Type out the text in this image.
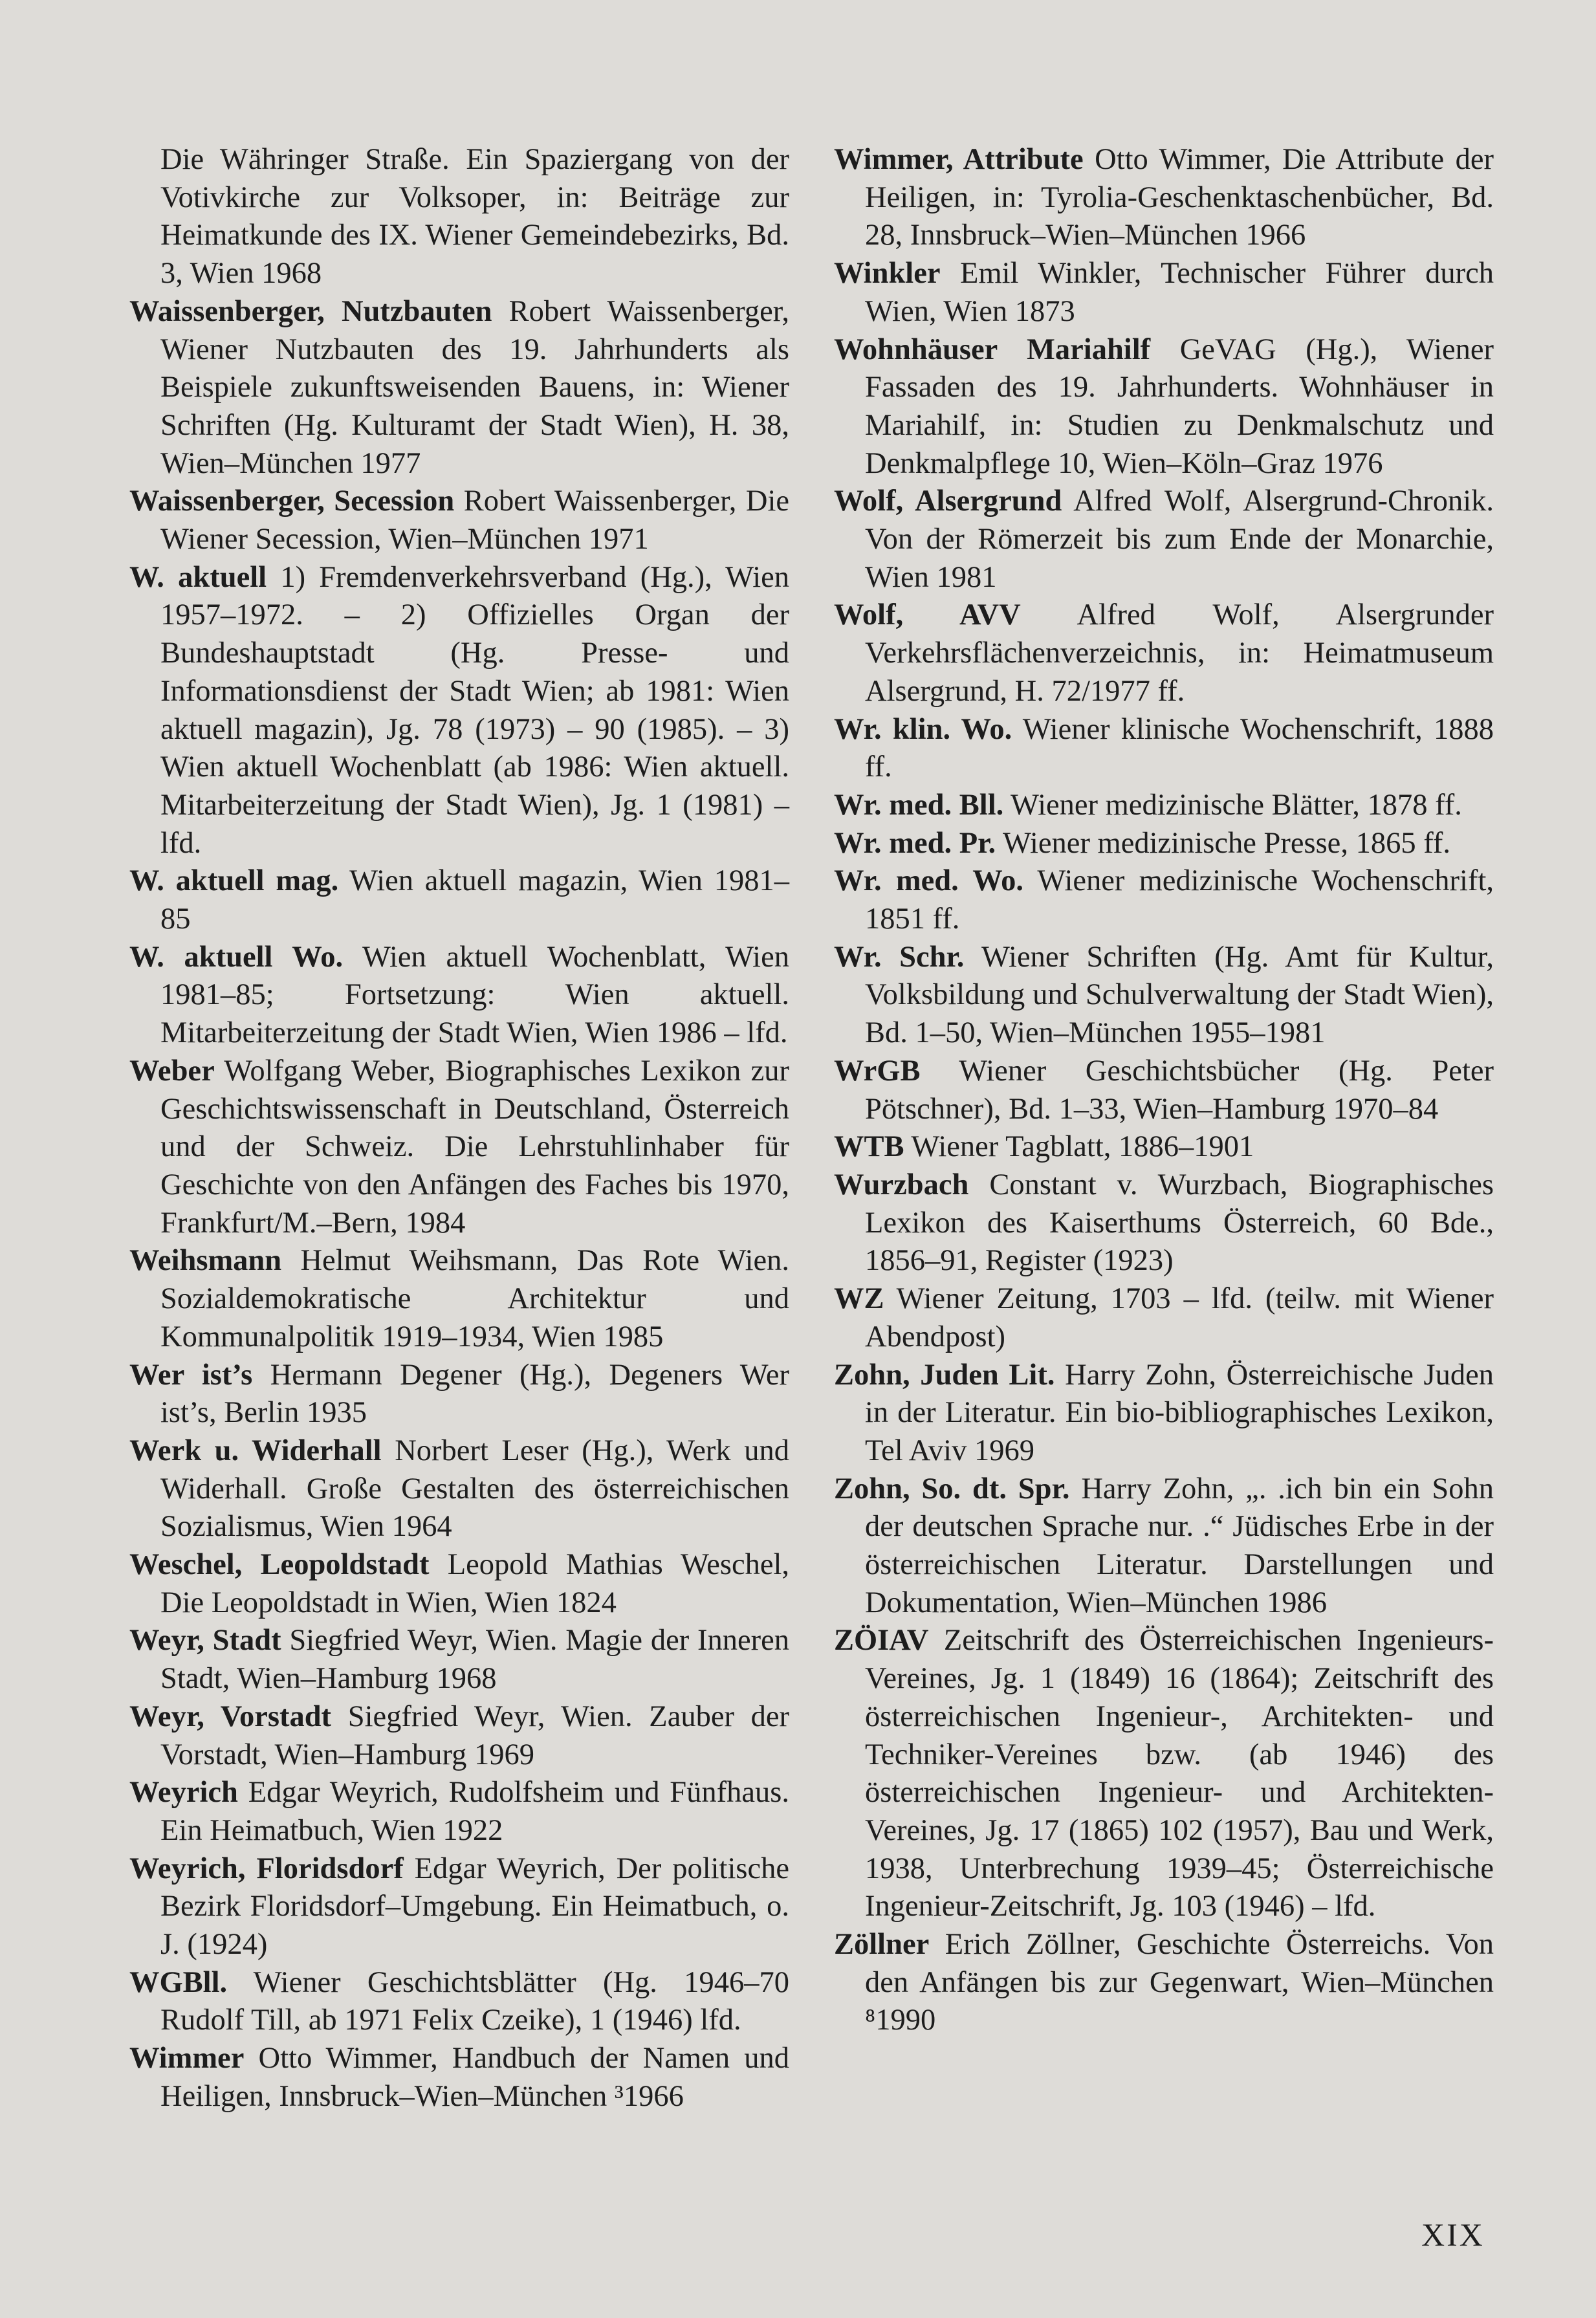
Die Währinger Straße. Ein Spaziergang von der Votivkirche zur Volksoper, in: Beiträge zur Heimatkunde des IX. Wiener Gemeindebezirks, Bd. 3, Wien 1968

Waissenberger, Nutzbauten Robert Waissenberger, Wiener Nutzbauten des 19. Jahrhunderts als Beispiele zukunftsweisenden Bauens, in: Wiener Schriften (Hg. Kulturamt der Stadt Wien), H. 38, Wien–München 1977

Waissenberger, Secession Robert Waissenberger, Die Wiener Secession, Wien–München 1971

W. aktuell 1) Fremdenverkehrsverband (Hg.), Wien 1957–1972. – 2) Offizielles Organ der Bundeshauptstadt (Hg. Presse- und Informationsdienst der Stadt Wien; ab 1981: Wien aktuell magazin), Jg. 78 (1973) – 90 (1985). – 3) Wien aktuell Wochenblatt (ab 1986: Wien aktuell. Mitarbeiterzeitung der Stadt Wien), Jg. 1 (1981) – lfd.

W. aktuell mag. Wien aktuell magazin, Wien 1981–85

W. aktuell Wo. Wien aktuell Wochenblatt, Wien 1981–85; Fortsetzung: Wien aktuell. Mitarbeiterzeitung der Stadt Wien, Wien 1986 – lfd.

Weber Wolfgang Weber, Biographisches Lexikon zur Geschichtswissenschaft in Deutschland, Österreich und der Schweiz. Die Lehrstuhlinhaber für Geschichte von den Anfängen des Faches bis 1970, Frankfurt/M.–Bern, 1984

Weihsmann Helmut Weihsmann, Das Rote Wien. Sozialdemokratische Architektur und Kommunalpolitik 1919–1934, Wien 1985

Wer ist’s Hermann Degener (Hg.), Degeners Wer ist’s, Berlin 1935

Werk u. Widerhall Norbert Leser (Hg.), Werk und Widerhall. Große Gestalten des österreichischen Sozialismus, Wien 1964

Weschel, Leopoldstadt Leopold Mathias Weschel, Die Leopoldstadt in Wien, Wien 1824

Weyr, Stadt Siegfried Weyr, Wien. Magie der Inneren Stadt, Wien–Hamburg 1968

Weyr, Vorstadt Siegfried Weyr, Wien. Zauber der Vorstadt, Wien–Hamburg 1969

Weyrich Edgar Weyrich, Rudolfsheim und Fünfhaus. Ein Heimatbuch, Wien 1922

Weyrich, Floridsdorf Edgar Weyrich, Der politische Bezirk Floridsdorf–Umgebung. Ein Heimatbuch, o. J. (1924)

WGBll. Wiener Geschichtsblätter (Hg. 1946–70 Rudolf Till, ab 1971 Felix Czeike), 1 (1946) lfd.

Wimmer Otto Wimmer, Handbuch der Namen und Heiligen, Innsbruck–Wien–München ³1966

Wimmer, Attribute Otto Wimmer, Die Attribute der Heiligen, in: Tyrolia-Geschenktaschenbücher, Bd. 28, Innsbruck–Wien–München 1966

Winkler Emil Winkler, Technischer Führer durch Wien, Wien 1873

Wohnhäuser Mariahilf GeVAG (Hg.), Wiener Fassaden des 19. Jahrhunderts. Wohnhäuser in Mariahilf, in: Studien zu Denkmalschutz und Denkmalpflege 10, Wien–Köln–Graz 1976

Wolf, Alsergrund Alfred Wolf, Alsergrund-Chronik. Von der Römerzeit bis zum Ende der Monarchie, Wien 1981

Wolf, AVV Alfred Wolf, Alsergrunder Verkehrsflächenverzeichnis, in: Heimatmuseum Alsergrund, H. 72/1977 ff.

Wr. klin. Wo. Wiener klinische Wochenschrift, 1888 ff.

Wr. med. Bll. Wiener medizinische Blätter, 1878 ff.

Wr. med. Pr. Wiener medizinische Presse, 1865 ff.

Wr. med. Wo. Wiener medizinische Wochenschrift, 1851 ff.

Wr. Schr. Wiener Schriften (Hg. Amt für Kultur, Volksbildung und Schulverwaltung der Stadt Wien), Bd. 1–50, Wien–München 1955–1981

WrGB Wiener Geschichtsbücher (Hg. Peter Pötschner), Bd. 1–33, Wien–Hamburg 1970–84

WTB Wiener Tagblatt, 1886–1901

Wurzbach Constant v. Wurzbach, Biographisches Lexikon des Kaiserthums Österreich, 60 Bde., 1856–91, Register (1923)

WZ Wiener Zeitung, 1703 – lfd. (teilw. mit Wiener Abendpost)

Zohn, Juden Lit. Harry Zohn, Österreichische Juden in der Literatur. Ein bio-bibliographisches Lexikon, Tel Aviv 1969

Zohn, So. dt. Spr. Harry Zohn, „. .ich bin ein Sohn der deutschen Sprache nur. .“ Jüdisches Erbe in der österreichischen Literatur. Darstellungen und Dokumentation, Wien–München 1986

ZÖIAV Zeitschrift des Österreichischen Ingenieurs-Vereines, Jg. 1 (1849) 16 (1864); Zeitschrift des österreichischen Ingenieur-, Architekten- und Techniker-Vereines bzw. (ab 1946) des österreichischen Ingenieur- und Architekten-Vereines, Jg. 17 (1865) 102 (1957), Bau und Werk, 1938, Unterbrechung 1939–45; Österreichische Ingenieur-Zeitschrift, Jg. 103 (1946) – lfd.

Zöllner Erich Zöllner, Geschichte Österreichs. Von den Anfängen bis zur Gegenwart, Wien–München ⁸1990

XIX
